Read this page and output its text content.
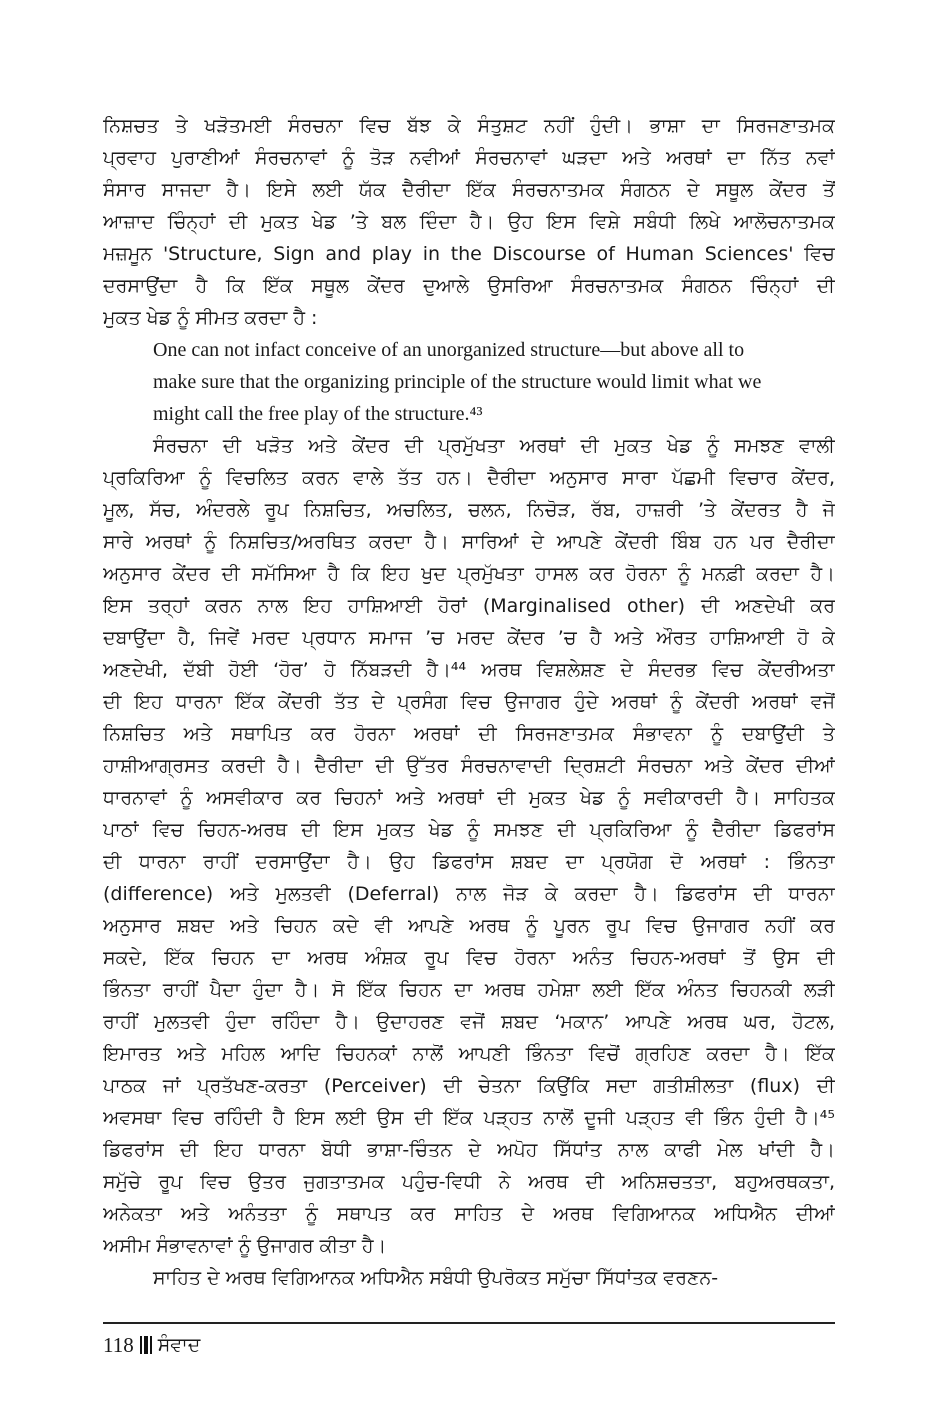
ਨਿਸ਼ਚਤ ਤੇ ਖੜੋਤਮਈ ਸੰਰਚਨਾ ਵਿਚ ਬੱਝ ਕੇ ਸੰਤੁਸ਼ਟ ਨਹੀਂ ਹੁੰਦੀ। ਭਾਸ਼ਾ ਦਾ ਸਿਰਜਣਾਤਮਕ
ਪ੍ਰਵਾਹ ਪੁਰਾਣੀਆਂ ਸੰਰਚਨਾਵਾਂ ਨੂੰ ਤੋੜ ਨਵੀਆਂ ਸੰਰਚਨਾਵਾਂ ਘੜਦਾ ਅਤੇ ਅਰਥਾਂ ਦਾ ਨਿੱਤ ਨਵਾਂ
ਸੰਸਾਰ ਸਾਜਦਾ ਹੈ। ਇਸੇ ਲਈ ਯੱਕ ਦੈਰੀਦਾ ਇੱਕ ਸੰਰਚਨਾਤਮਕ ਸੰਗਠਨ ਦੇ ਸਥੂਲ ਕੇਂਦਰ ਤੋਂ
ਆਜ਼ਾਦ ਚਿੰਨ੍ਹਾਂ ਦੀ ਮੁਕਤ ਖੇਡ ’ਤੇ ਬਲ ਦਿੰਦਾ ਹੈ। ਉਹ ਇਸ ਵਿਸ਼ੇ ਸਬੰਧੀ ਲਿਖੇ ਆਲੋਚਨਾਤਮਕ
ਮਜ਼ਮੂਨ 'Structure, Sign and play in the Discourse of Human Sciences' ਵਿਚ
ਦਰਸਾਉਂਦਾ ਹੈ ਕਿ ਇੱਕ ਸਥੂਲ ਕੇਂਦਰ ਦੁਆਲੇ ਉਸਰਿਆ ਸੰਰਚਨਾਤਮਕ ਸੰਗਠਨ ਚਿੰਨ੍ਹਾਂ ਦੀ
ਮੁਕਤ ਖੇਡ ਨੂੰ ਸੀਮਤ ਕਰਦਾ ਹੈ :
One can not infact conceive of an unorganized structure—but above all to
make sure that the organizing principle of the structure would limit what we
might call the free play of the structure.⁴³
ਸੰਰਚਨਾ ਦੀ ਖੜੋਤ ਅਤੇ ਕੇਂਦਰ ਦੀ ਪ੍ਰਮੁੱਖਤਾ ਅਰਥਾਂ ਦੀ ਮੁਕਤ ਖੇਡ ਨੂੰ ਸਮਝਣ ਵਾਲੀ
ਪ੍ਰਕਿਰਿਆ ਨੂੰ ਵਿਚਲਿਤ ਕਰਨ ਵਾਲੇ ਤੱਤ ਹਨ। ਦੈਰੀਦਾ ਅਨੁਸਾਰ ਸਾਰਾ ਪੱਛਮੀ ਵਿਚਾਰ ਕੇਂਦਰ,
ਮੂਲ, ਸੱਚ, ਅੰਦਰਲੇ ਰੂਪ ਨਿਸ਼ਚਿਤ, ਅਚਲਿਤ, ਚਲਨ, ਨਿਚੋੜ, ਰੱਬ, ਹਾਜ਼ਰੀ ’ਤੇ ਕੇਂਦਰਤ ਹੈ ਜੋ
ਸਾਰੇ ਅਰਥਾਂ ਨੂੰ ਨਿਸ਼ਚਿਤ/ਅਰਥਿਤ ਕਰਦਾ ਹੈ। ਸਾਰਿਆਂ ਦੇ ਆਪਣੇ ਕੇਂਦਰੀ ਬਿੰਬ ਹਨ ਪਰ ਦੈਰੀਦਾ
ਅਨੁਸਾਰ ਕੇਂਦਰ ਦੀ ਸਮੱਸਿਆ ਹੈ ਕਿ ਇਹ ਖੁਦ ਪ੍ਰਮੁੱਖਤਾ ਹਾਸਲ ਕਰ ਹੋਰਨਾ ਨੂੰ ਮਨਫ਼ੀ ਕਰਦਾ ਹੈ।
ਇਸ ਤਰ੍ਹਾਂ ਕਰਨ ਨਾਲ ਇਹ ਹਾਸ਼ਿਆਈ ਹੋਰਾਂ (Marginalised other) ਦੀ ਅਣਦੇਖੀ ਕਰ
ਦਬਾਉਂਦਾ ਹੈ, ਜਿਵੇਂ ਮਰਦ ਪ੍ਰਧਾਨ ਸਮਾਜ ’ਚ ਮਰਦ ਕੇਂਦਰ ’ਚ ਹੈ ਅਤੇ ਔਰਤ ਹਾਸ਼ਿਆਈ ਹੋ ਕੇ
ਅਣਦੇਖੀ, ਦੱਬੀ ਹੋਈ ‘ਹੋਰ’ ਹੋ ਨਿੱਬੜਦੀ ਹੈ।⁴⁴ ਅਰਥ ਵਿਸ਼ਲੇਸ਼ਣ ਦੇ ਸੰਦਰਭ ਵਿਚ ਕੇਂਦਰੀਅਤਾ
ਦੀ ਇਹ ਧਾਰਨਾ ਇੱਕ ਕੇਂਦਰੀ ਤੱਤ ਦੇ ਪ੍ਰਸੰਗ ਵਿਚ ਉਜਾਗਰ ਹੁੰਦੇ ਅਰਥਾਂ ਨੂੰ ਕੇਂਦਰੀ ਅਰਥਾਂ ਵਜੋਂ
ਨਿਸ਼ਚਿਤ ਅਤੇ ਸਥਾਪਿਤ ਕਰ ਹੋਰਨਾ ਅਰਥਾਂ ਦੀ ਸਿਰਜਣਾਤਮਕ ਸੰਭਾਵਨਾ ਨੂੰ ਦਬਾਉਂਦੀ ਤੇ
ਹਾਸ਼ੀਆਗ੍ਰਸਤ ਕਰਦੀ ਹੈ। ਦੈਰੀਦਾ ਦੀ ਉੱਤਰ ਸੰਰਚਨਾਵਾਦੀ ਦ੍ਰਿਸ਼ਟੀ ਸੰਰਚਨਾ ਅਤੇ ਕੇਂਦਰ ਦੀਆਂ
ਧਾਰਨਾਵਾਂ ਨੂੰ ਅਸਵੀਕਾਰ ਕਰ ਚਿਹਨਾਂ ਅਤੇ ਅਰਥਾਂ ਦੀ ਮੁਕਤ ਖੇਡ ਨੂੰ ਸਵੀਕਾਰਦੀ ਹੈ। ਸਾਹਿਤਕ
ਪਾਠਾਂ ਵਿਚ ਚਿਹਨ-ਅਰਥ ਦੀ ਇਸ ਮੁਕਤ ਖੇਡ ਨੂੰ ਸਮਝਣ ਦੀ ਪ੍ਰਕਿਰਿਆ ਨੂੰ ਦੈਰੀਦਾ ਡਿਫਰਾਂਸ
ਦੀ ਧਾਰਨਾ ਰਾਹੀਂ ਦਰਸਾਉਂਦਾ ਹੈ। ਉਹ ਡਿਫਰਾਂਸ ਸ਼ਬਦ ਦਾ ਪ੍ਰਯੋਗ ਦੋ ਅਰਥਾਂ : ਭਿੰਨਤਾ
(difference) ਅਤੇ ਮੁਲਤਵੀ (Deferral) ਨਾਲ ਜੋੜ ਕੇ ਕਰਦਾ ਹੈ। ਡਿਫਰਾਂਸ ਦੀ ਧਾਰਨਾ
ਅਨੁਸਾਰ ਸ਼ਬਦ ਅਤੇ ਚਿਹਨ ਕਦੇ ਵੀ ਆਪਣੇ ਅਰਥ ਨੂੰ ਪੂਰਨ ਰੂਪ ਵਿਚ ਉਜਾਗਰ ਨਹੀਂ ਕਰ
ਸਕਦੇ, ਇੱਕ ਚਿਹਨ ਦਾ ਅਰਥ ਅੰਸ਼ਕ ਰੂਪ ਵਿਚ ਹੋਰਨਾ ਅਨੰਤ ਚਿਹਨ-ਅਰਥਾਂ ਤੋਂ ਉਸ ਦੀ
ਭਿੰਨਤਾ ਰਾਹੀਂ ਪੈਦਾ ਹੁੰਦਾ ਹੈ। ਸੋ ਇੱਕ ਚਿਹਨ ਦਾ ਅਰਥ ਹਮੇਸ਼ਾ ਲਈ ਇੱਕ ਅੰਨਤ ਚਿਹਨਕੀ ਲੜੀ
ਰਾਹੀਂ ਮੁਲਤਵੀ ਹੁੰਦਾ ਰਹਿੰਦਾ ਹੈ। ਉਦਾਹਰਣ ਵਜੋਂ ਸ਼ਬਦ ‘ਮਕਾਨ’ ਆਪਣੇ ਅਰਥ ਘਰ, ਹੋਟਲ,
ਇਮਾਰਤ ਅਤੇ ਮਹਿਲ ਆਦਿ ਚਿਹਨਕਾਂ ਨਾਲੋਂ ਆਪਣੀ ਭਿੰਨਤਾ ਵਿਚੋਂ ਗ੍ਰਹਿਣ ਕਰਦਾ ਹੈ। ਇੱਕ
ਪਾਠਕ ਜਾਂ ਪ੍ਰਤੱਖਣ-ਕਰਤਾ (Perceiver) ਦੀ ਚੇਤਨਾ ਕਿਉਂਕਿ ਸਦਾ ਗਤੀਸ਼ੀਲਤਾ (flux) ਦੀ
ਅਵਸਥਾ ਵਿਚ ਰਹਿੰਦੀ ਹੈ ਇਸ ਲਈ ਉਸ ਦੀ ਇੱਕ ਪੜ੍ਹਤ ਨਾਲੋਂ ਦੂਜੀ ਪੜ੍ਹਤ ਵੀ ਭਿੰਨ ਹੁੰਦੀ ਹੈ।⁴⁵
ਡਿਫਰਾਂਸ ਦੀ ਇਹ ਧਾਰਨਾ ਬੋਧੀ ਭਾਸ਼ਾ-ਚਿੰਤਨ ਦੇ ਅਪੋਹ ਸਿੱਧਾਂਤ ਨਾਲ ਕਾਫੀ ਮੇਲ ਖਾਂਦੀ ਹੈ।
ਸਮੁੱਚੇ ਰੂਪ ਵਿਚ ਉਤਰ ਜੁਗਤਾਤਮਕ ਪਹੁੰਚ-ਵਿਧੀ ਨੇ ਅਰਥ ਦੀ ਅਨਿਸ਼ਚਤਤਾ, ਬਹੁਅਰਥਕਤਾ,
ਅਨੇਕਤਾ ਅਤੇ ਅਨੰਤਤਾ ਨੂੰ ਸਥਾਪਤ ਕਰ ਸਾਹਿਤ ਦੇ ਅਰਥ ਵਿਗਿਆਨਕ ਅਧਿਐਨ ਦੀਆਂ
ਅਸੀਮ ਸੰਭਾਵਨਾਵਾਂ ਨੂੰ ਉਜਾਗਰ ਕੀਤਾ ਹੈ।
ਸਾਹਿਤ ਦੇ ਅਰਥ ਵਿਗਿਆਨਕ ਅਧਿਐਨ ਸਬੰਧੀ ਉਪਰੋਕਤ ਸਮੁੱਚਾ ਸਿੱਧਾਂਤਕ ਵਰਣਨ-
118 ਸੰਵਾਦ
